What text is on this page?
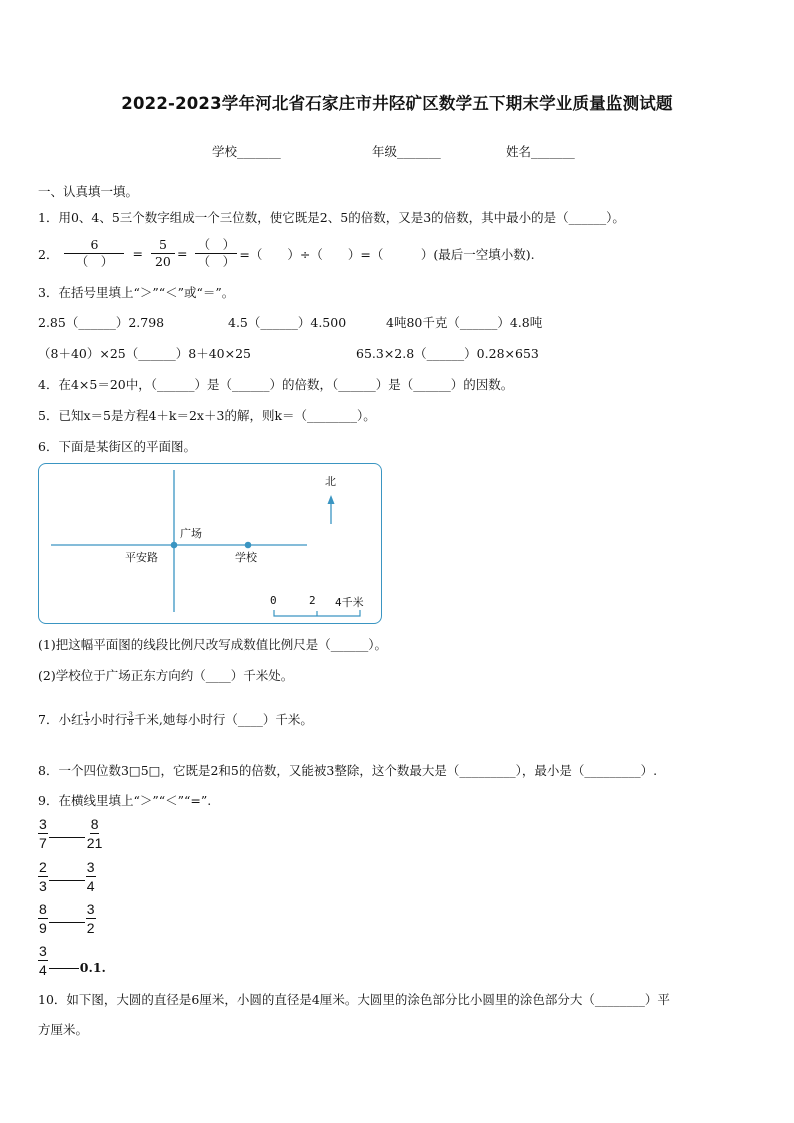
2022-2023学年河北省石家庄市井陉矿区数学五下期末学业质量监测试题
学校_______	年级_______	姓名_______
一、认真填一填。
1．用0、4、5三个数字组成一个三位数，使它既是2、5的倍数，又是3的倍数，其中最小的是（______）。
2． $\frac{6}{( )} = \frac{5}{20} = \frac{( )}{( )}$ =（　　）÷（　　）=（　　　）(最后一空填小数).
3．在括号里填上“＞”“＜”或“＝”。
2.85（______）2.798	4.5（______）4.500	4吨80千克（______）4.8吨
（8＋40）×25（______）8＋40×25	65.3×2.8（______）0.28×653
4．在4×5＝20中，（______）是（______）的倍数，（______）是（______）的因数。
5．已知x＝5是方程4＋k＝2x＋3的解，则k＝（________）。
6．下面是某街区的平面图。
北
广场
平安路	学校
0	2 4千米
(1)把这幅平面图的线段比例尺改写成数值比例尺是（______）。
(2)学校位于广场正东方向约（____）千米处。
7．小红 $\frac{1}{3}$ 小时行 $\frac{3}{8}$ 千米,她每小时行（____）千米。
8．一个四位数3□5□，它既是2和5的倍数，又能被3整除，这个数最大是（_________），最小是（_________）.
9．在横线里填上“＞”“＜”“=”.
$\frac{3}{7}$	$\frac{8}{21}$
$\frac{2}{3}$	$\frac{3}{4}$
$\frac{8}{9}$	$\frac{3}{2}$
$\frac{3}{4}$	0.1.
10．如下图，大圆的直径是6厘米，小圆的直径是4厘米。大圆里的涂色部分比小圆里的涂色部分大（________）平
方厘米。
